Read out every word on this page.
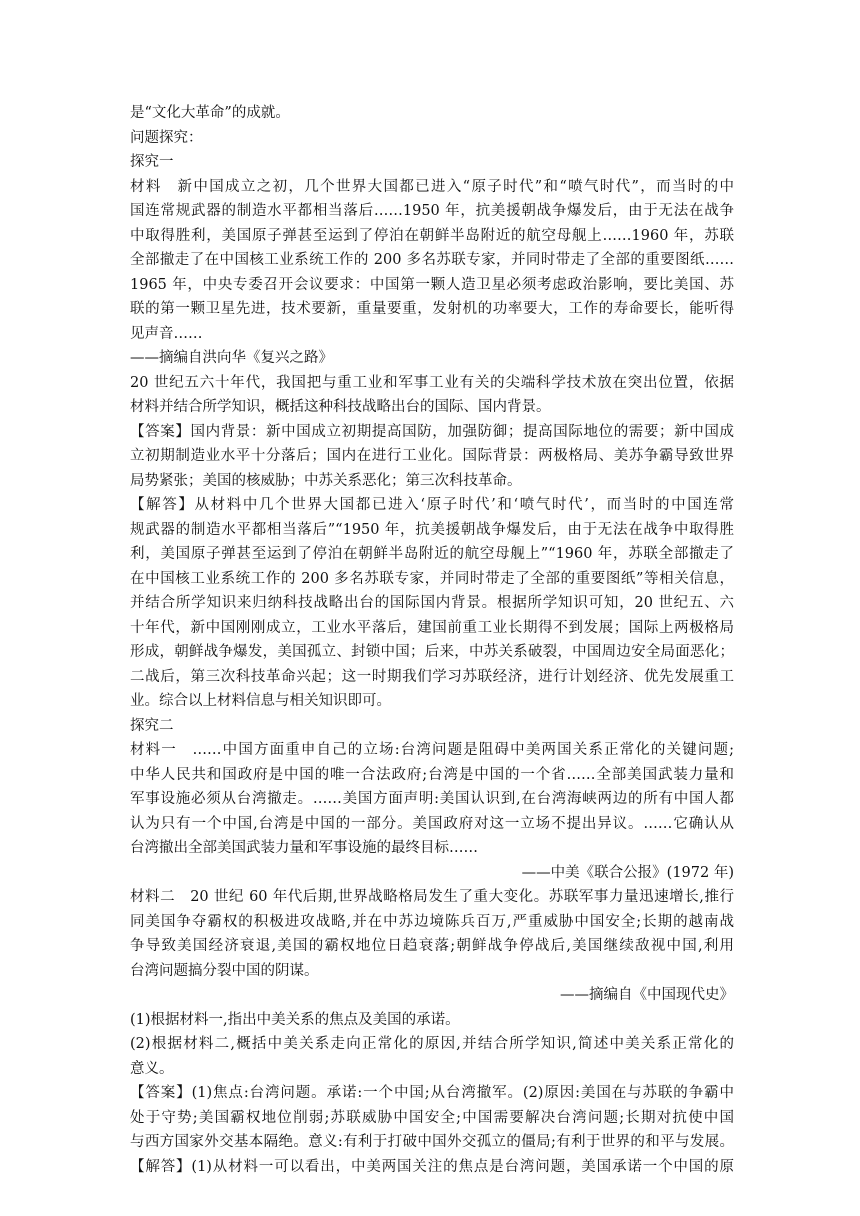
是“文化大革命”的成就。
问题探究：
探究一
材料　新中国成立之初，几个世界大国都已进入“原子时代”和“喷气时代”，而当时的中
国连常规武器的制造水平都相当落后……1950 年，抗美援朝战争爆发后，由于无法在战争
中取得胜利，美国原子弹甚至运到了停泊在朝鲜半岛附近的航空母舰上……1960 年，苏联
全部撤走了在中国核工业系统工作的 200 多名苏联专家，并同时带走了全部的重要图纸……
1965 年，中央专委召开会议要求：中国第一颗人造卫星必须考虑政治影响，要比美国、苏
联的第一颗卫星先进，技术要新，重量要重，发射机的功率要大，工作的寿命要长，能听得
见声音……
——摘编自洪向华《复兴之路》
20 世纪五六十年代，我国把与重工业和军事工业有关的尖端科学技术放在突出位置，依据
材料并结合所学知识，概括这种科技战略出台的国际、国内背景。
【答案】国内背景：新中国成立初期提高国防，加强防御；提高国际地位的需要；新中国成
立初期制造业水平十分落后；国内在进行工业化。国际背景：两极格局、美苏争霸导致世界
局势紧张；美国的核威胁；中苏关系恶化；第三次科技革命。
【解答】从材料中几个世界大国都已进入‘原子时代’和‘喷气时代’，而当时的中国连常
规武器的制造水平都相当落后”“1950 年，抗美援朝战争爆发后，由于无法在战争中取得胜
利，美国原子弹甚至运到了停泊在朝鲜半岛附近的航空母舰上”“1960 年，苏联全部撤走了
在中国核工业系统工作的 200 多名苏联专家，并同时带走了全部的重要图纸”等相关信息，
并结合所学知识来归纳科技战略出台的国际国内背景。根据所学知识可知，20 世纪五、六
十年代，新中国刚刚成立，工业水平落后，建国前重工业长期得不到发展；国际上两极格局
形成，朝鲜战争爆发，美国孤立、封锁中国；后来，中苏关系破裂，中国周边安全局面恶化；
二战后，第三次科技革命兴起；这一时期我们学习苏联经济，进行计划经济、优先发展重工
业。综合以上材料信息与相关知识即可。
探究二
材料一　……中国方面重申自己的立场:台湾问题是阻碍中美两国关系正常化的关键问题;
中华人民共和国政府是中国的唯一合法政府;台湾是中国的一个省……全部美国武装力量和
军事设施必须从台湾撤走。……美国方面声明:美国认识到,在台湾海峡两边的所有中国人都
认为只有一个中国,台湾是中国的一部分。美国政府对这一立场不提出异议。……它确认从
台湾撤出全部美国武装力量和军事设施的最终目标……
——中美《联合公报》(1972 年)
材料二　20 世纪 60 年代后期,世界战略格局发生了重大变化。苏联军事力量迅速增长,推行
同美国争夺霸权的积极进攻战略,并在中苏边境陈兵百万,严重威胁中国安全;长期的越南战
争导致美国经济衰退,美国的霸权地位日趋衰落;朝鲜战争停战后,美国继续敌视中国,利用
台湾问题搞分裂中国的阴谋。
——摘编自《中国现代史》
(1)根据材料一,指出中美关系的焦点及美国的承诺。
(2)根据材料二,概括中美关系走向正常化的原因,并结合所学知识,简述中美关系正常化的
意义。
【答案】(1)焦点:台湾问题。承诺:一个中国;从台湾撤军。(2)原因:美国在与苏联的争霸中
处于守势;美国霸权地位削弱;苏联威胁中国安全;中国需要解决台湾问题;长期对抗使中国
与西方国家外交基本隔绝。意义:有利于打破中国外交孤立的僵局;有利于世界的和平与发展。
【解答】(1)从材料一可以看出，中美两国关注的焦点是台湾问题，美国承诺一个中国的原
